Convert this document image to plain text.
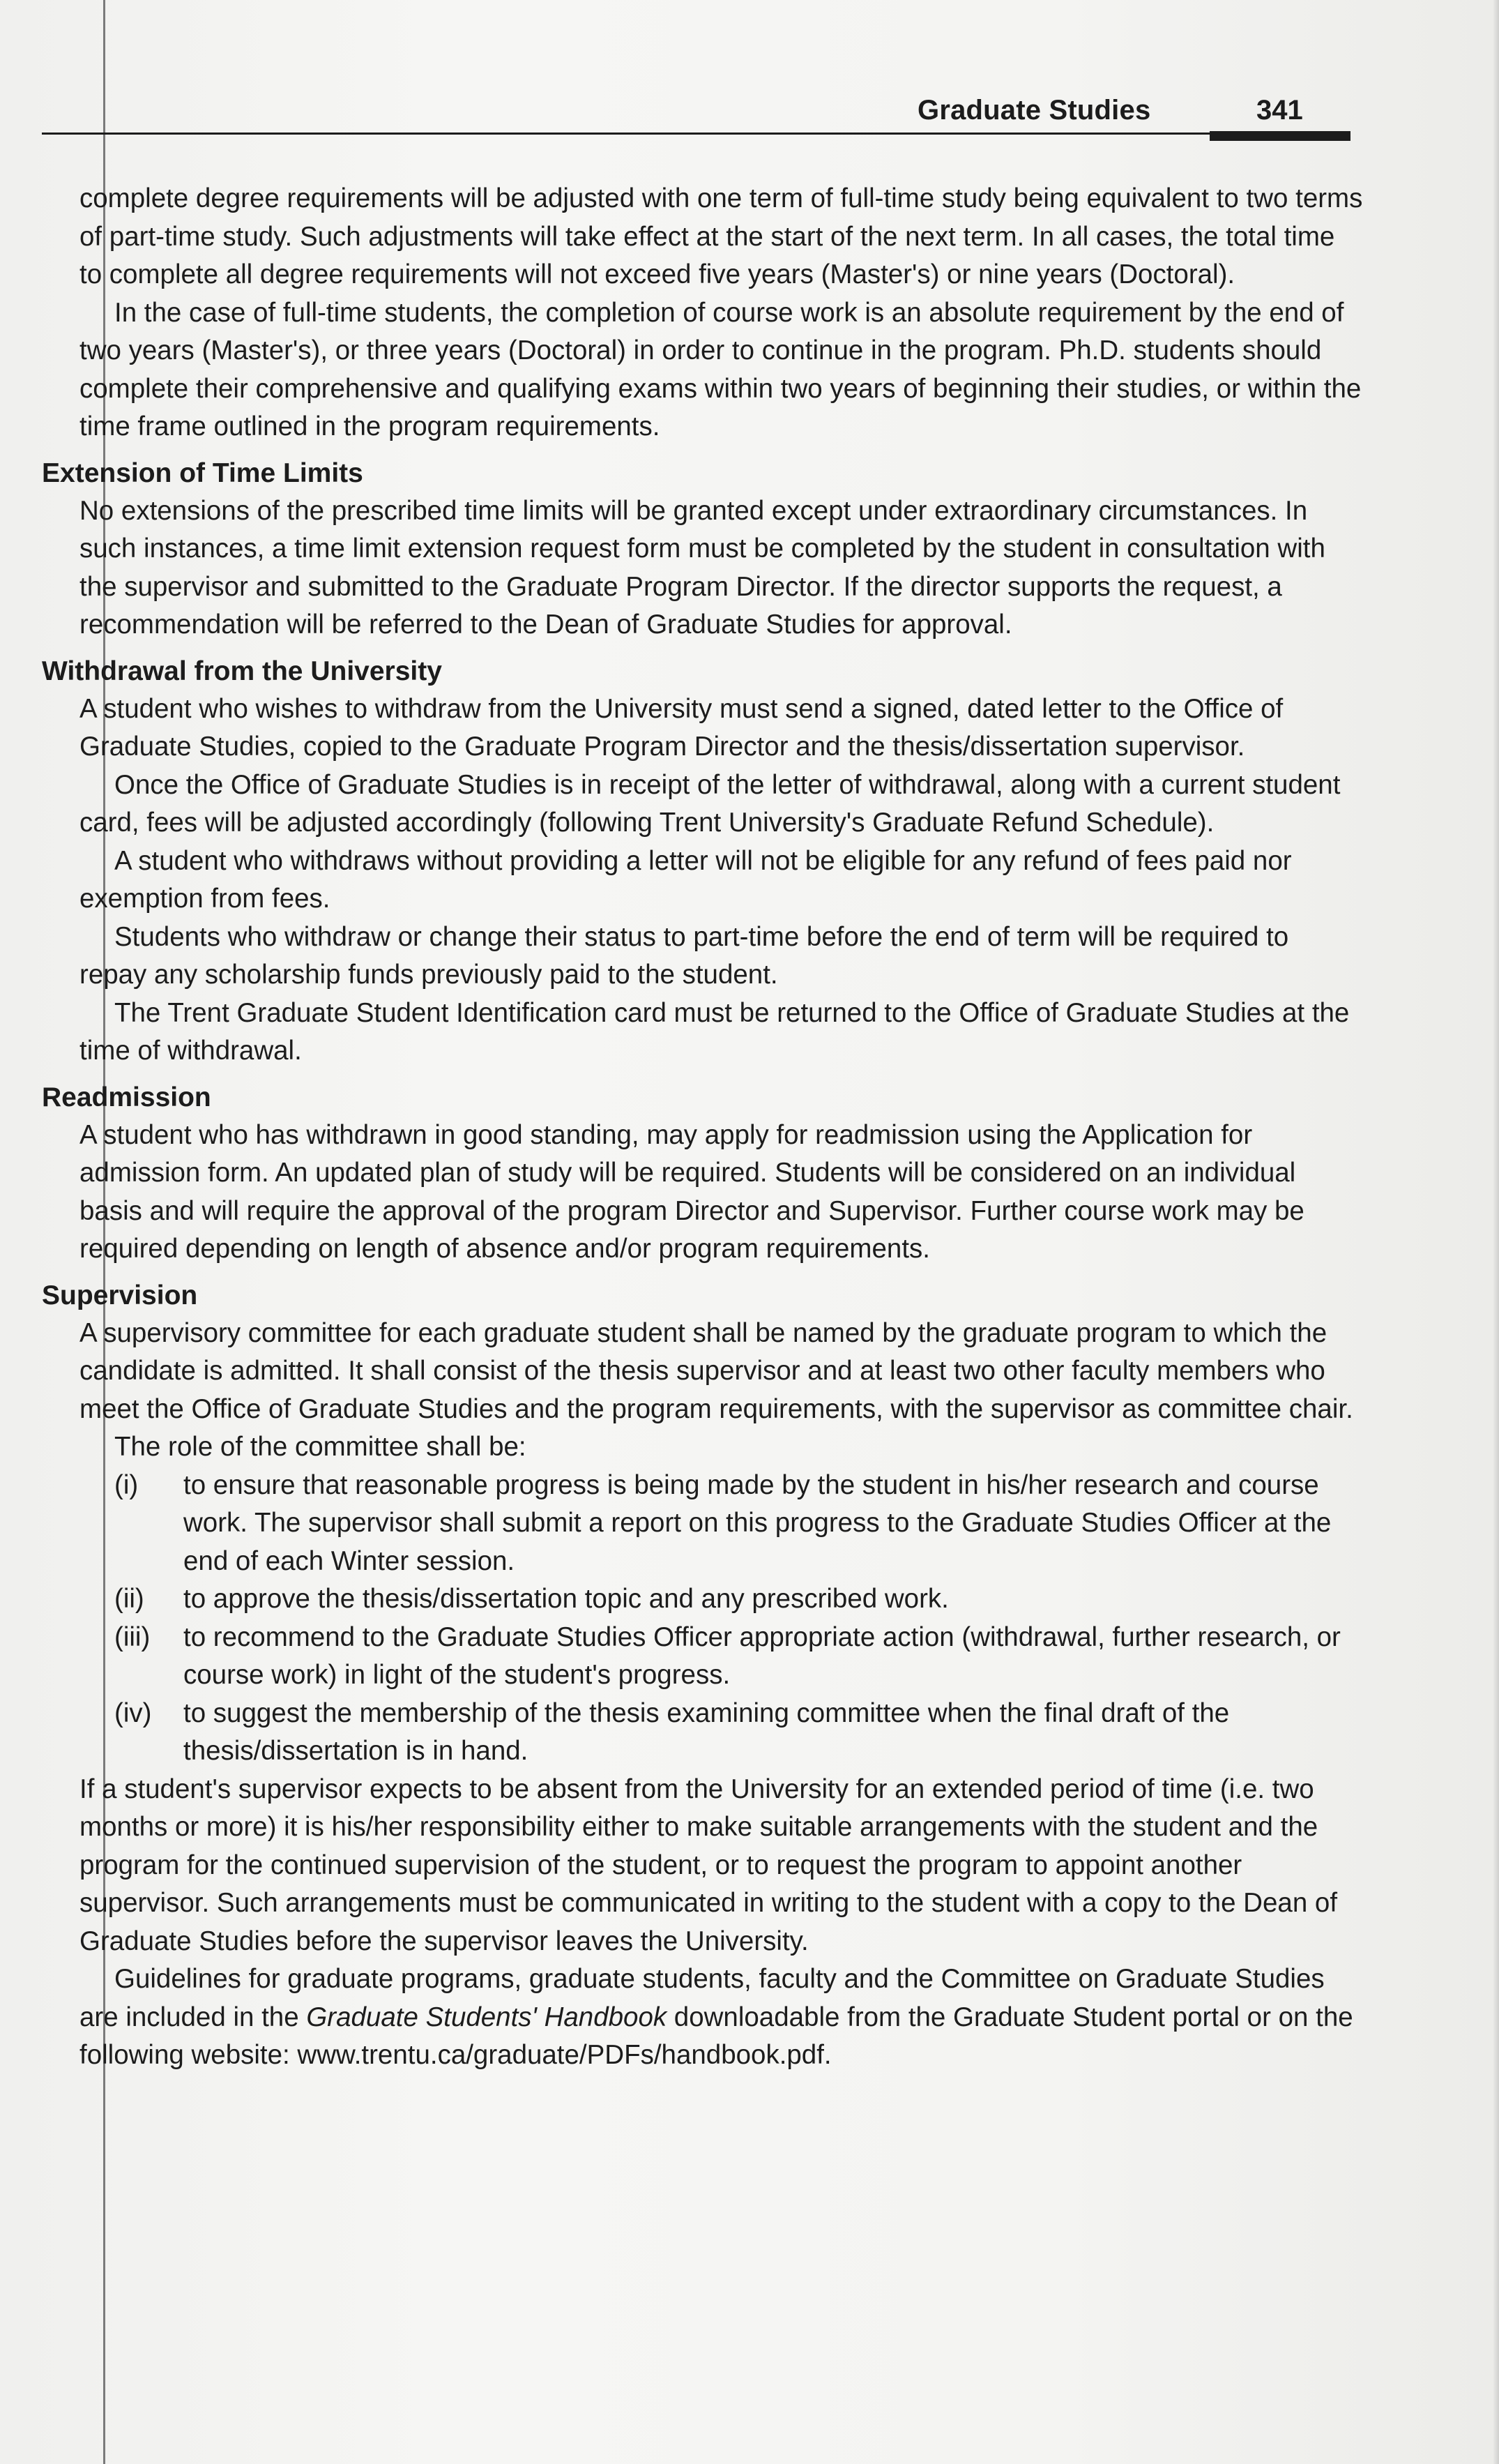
Graduate Studies	341

complete degree requirements will be adjusted with one term of full-time study being equivalent to two terms of part-time study. Such adjustments will take effect at the start of the next term. In all cases, the total time to complete all degree requirements will not exceed five years (Master's) or nine years (Doctoral).

In the case of full-time students, the completion of course work is an absolute requirement by the end of two years (Master's), or three years (Doctoral) in order to continue in the program. Ph.D. students should complete their comprehensive and qualifying exams within two years of beginning their studies, or within the time frame outlined in the program requirements.

Extension of Time Limits

No extensions of the prescribed time limits will be granted except under extraordinary circumstances. In such instances, a time limit extension request form must be completed by the student in consultation with the supervisor and submitted to the Graduate Program Director. If the director supports the request, a recommendation will be referred to the Dean of Graduate Studies for approval.

Withdrawal from the University

A student who wishes to withdraw from the University must send a signed, dated letter to the Office of Graduate Studies, copied to the Graduate Program Director and the thesis/dissertation supervisor.

Once the Office of Graduate Studies is in receipt of the letter of withdrawal, along with a current student card, fees will be adjusted accordingly (following Trent University's Graduate Refund Schedule).

A student who withdraws without providing a letter will not be eligible for any refund of fees paid nor exemption from fees.

Students who withdraw or change their status to part-time before the end of term will be required to repay any scholarship funds previously paid to the student.

The Trent Graduate Student Identification card must be returned to the Office of Graduate Studies at the time of withdrawal.

Readmission

A student who has withdrawn in good standing, may apply for readmission using the Application for admission form. An updated plan of study will be required. Students will be considered on an individual basis and will require the approval of the program Director and Supervisor. Further course work may be required depending on length of absence and/or program requirements.

Supervision

A supervisory committee for each graduate student shall be named by the graduate program to which the candidate is admitted. It shall consist of the thesis supervisor and at least two other faculty members who meet the Office of Graduate Studies and the program requirements, with the supervisor as committee chair.

The role of the committee shall be:

(i) to ensure that reasonable progress is being made by the student in his/her research and course work. The supervisor shall submit a report on this progress to the Graduate Studies Officer at the end of each Winter session.
(ii) to approve the thesis/dissertation topic and any prescribed work.
(iii) to recommend to the Graduate Studies Officer appropriate action (withdrawal, further research, or course work) in light of the student's progress.
(iv) to suggest the membership of the thesis examining committee when the final draft of the thesis/dissertation is in hand.

If a student's supervisor expects to be absent from the University for an extended period of time (i.e. two months or more) it is his/her responsibility either to make suitable arrangements with the student and the program for the continued supervision of the student, or to request the program to appoint another supervisor. Such arrangements must be communicated in writing to the student with a copy to the Dean of Graduate Studies before the supervisor leaves the University.

Guidelines for graduate programs, graduate students, faculty and the Committee on Graduate Studies are included in the Graduate Students' Handbook downloadable from the Graduate Student portal or on the following website: www.trentu.ca/graduate/PDFs/handbook.pdf.
